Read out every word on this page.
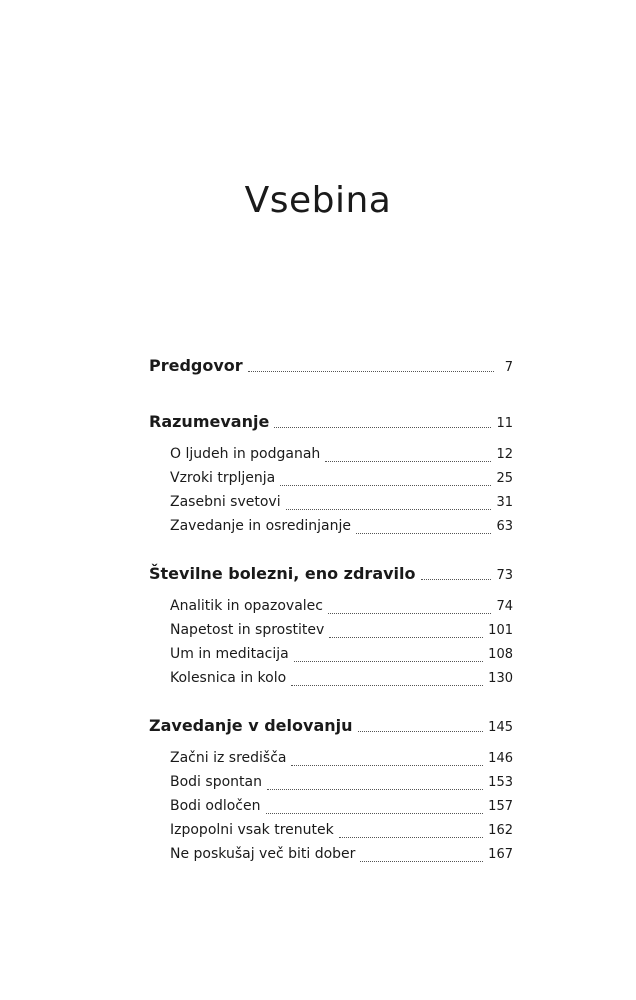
Vsebina
Predgovor	7
Razumevanje	11
O ljudeh in podganah	12
Vzroki trpljenja	25
Zasebni svetovi	31
Zavedanje in osredinjanje	63
Številne bolezni, eno zdravilo	73
Analitik in opazovalec	74
Napetost in sprostitev	101
Um in meditacija	108
Kolesnica in kolo	130
Zavedanje v delovanju	145
Začni iz središča	146
Bodi spontan	153
Bodi odločen	157
Izpopolni vsak trenutek	162
Ne poskušaj več biti dober	167
